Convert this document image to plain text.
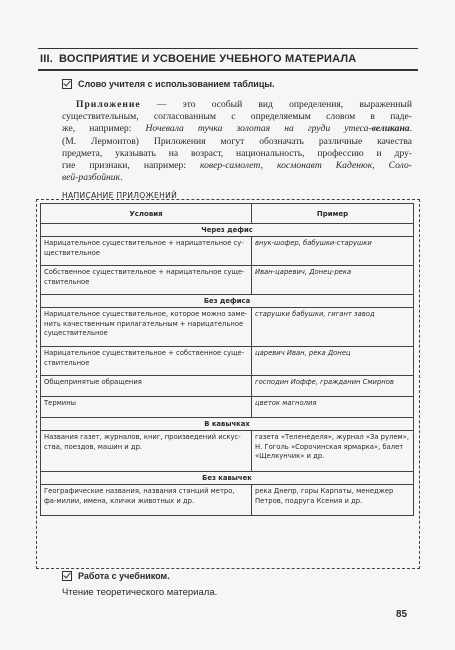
III. ВОСПРИЯТИЕ И УСВОЕНИЕ УЧЕБНОГО МАТЕРИАЛА
Слово учителя с использованием таблицы.
Приложение — это особый вид определения, выраженный
существительным, согласованным с определяемым словом в паде-
же, например: Ночевала тучка золотая на груди утеса-великана.
(М. Лермонтов) Приложения могут обозначать различные качества
предмета, указывать на возраст, национальность, профессию и дру-
гие признаки, например: ковер-самолет, космонавт Каденюк, Соло-
вей-разбойник.
НАПИСАНИЕ ПРИЛОЖЕНИЙ
Условия	Пример
Через дефис	
Нарицательное существительное + нарицательное су-ществительное	внук-шофер, бабушки-старушки
Собственное существительное + нарицательное суще-ствительное	Иван-царевич, Донец-река
Без дефиса	
Нарицательное существительное, которое можно заме-нить качественным прилагательным + нарицательное существительное	старушки бабушки, гигант завод
Нарицательное существительное + собственное суще-ствительное	царевич Иван, река Донец
Общепринятые обращения	господин Иоффе, гражданин Смирнов
Термины	цветок магнолия
В кавычках	
Названия газет, журналов, книг, произведений искус-ства, поездов, машин и др.	газета «Теленеделя», журнал «За рулем», Н. Гоголь «Сорочинская ярмарка», балет «Щелкунчик» и др.
Без кавычек	
Географические названия, названия станций метро, фа-милии, имена, клички животных и др.	река Днепр, горы Карпаты, менеджер Петров, подруга Ксения и др.
Работа с учебником.
Чтение теоретического материала.
85
